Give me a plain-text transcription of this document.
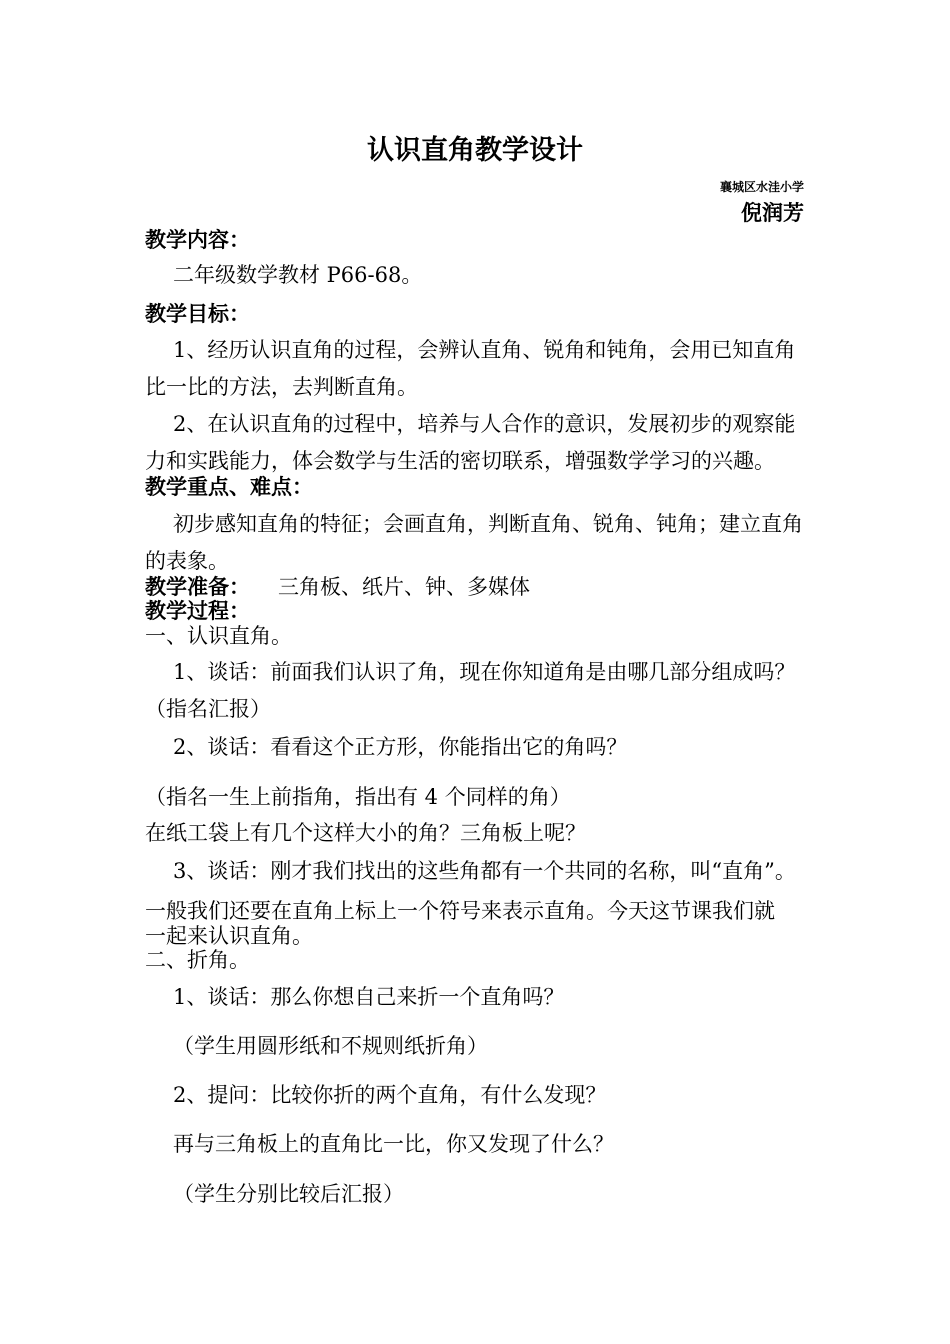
认识直角教学设计
襄城区水洼小学
倪润芳
教学内容：
二年级数学教材 P66-68。
教学目标：
1、经历认识直角的过程，会辨认直角、锐角和钝角，会用已知直角
比一比的方法，去判断直角。
2、在认识直角的过程中，培养与人合作的意识，发展初步的观察能
力和实践能力，体会数学与生活的密切联系，增强数学学习的兴趣。
教学重点、难点：
初步感知直角的特征；会画直角，判断直角、锐角、钝角；建立直角
的表象。
教学准备： 三角板、纸片、钟、多媒体
教学过程：
一、认识直角。
1、谈话：前面我们认识了角，现在你知道角是由哪几部分组成吗？
（指名汇报）
2、谈话：看看这个正方形，你能指出它的角吗？
（指名一生上前指角，指出有 4 个同样的角）
在纸工袋上有几个这样大小的角？三角板上呢？
3、谈话：刚才我们找出的这些角都有一个共同的名称，叫“直角”。
一般我们还要在直角上标上一个符号来表示直角。今天这节课我们就
一起来认识直角。
二、折角。
1、谈话：那么你想自己来折一个直角吗？
（学生用圆形纸和不规则纸折角）
2、提问：比较你折的两个直角，有什么发现？
再与三角板上的直角比一比，你又发现了什么？
（学生分别比较后汇报）
